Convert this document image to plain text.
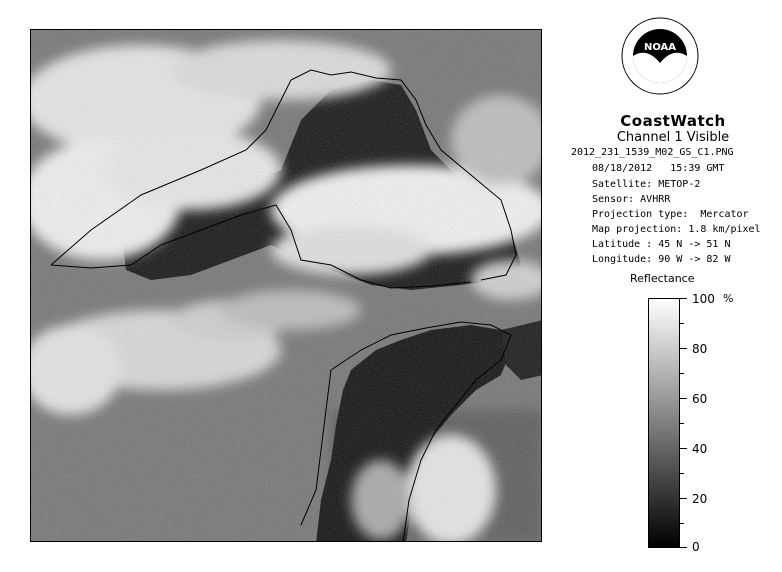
NOAA
CoastWatch
Channel 1 Visible
2012_231_1539_M02_GS_C1.PNG
08/18/2012   15:39 GMT
Satellite: METOP-2
Sensor: AVHRR
Projection type:  Mercator
Map projection: 1.8 km/pixel
Latitude : 45 N -> 51 N
Longitude: 90 W -> 82 W
Reflectance
%
100
80
60
40
20
0
